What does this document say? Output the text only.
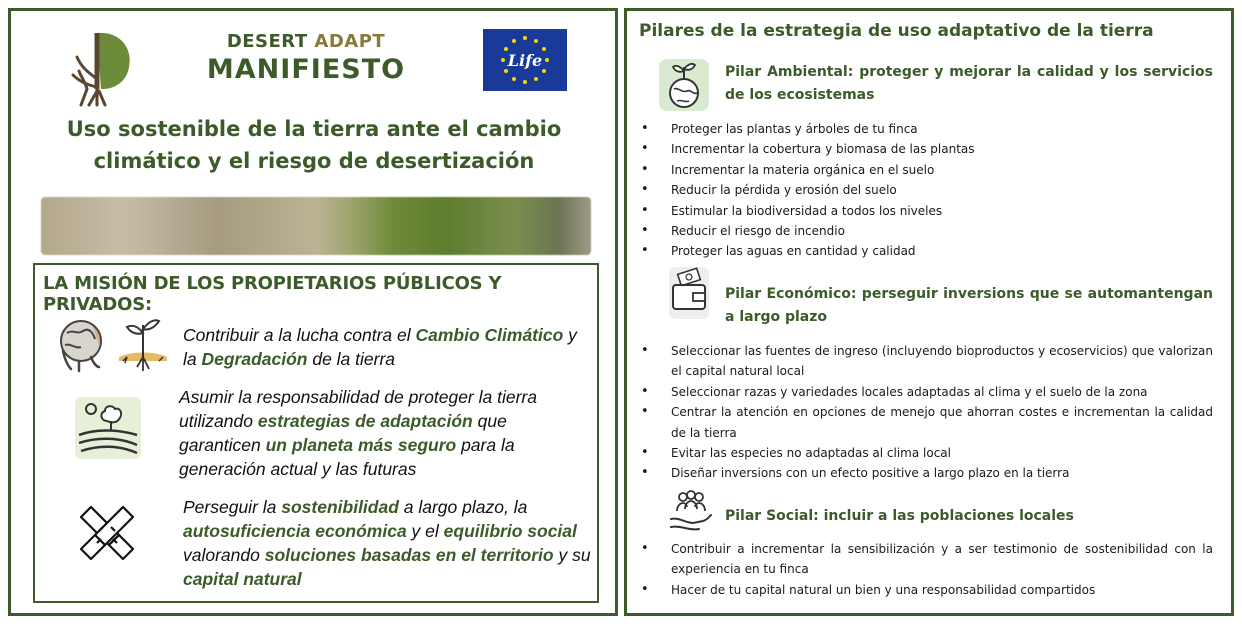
DESERT ADAPT
MANIFIESTO	Life
Uso sostenible de la tierra ante el cambio climático y el riesgo de desertización
LA MISIÓN DE LOS PROPIETARIOS PÚBLICOS Y PRIVADOS:

Contribuir a la lucha contra el Cambio Climático y la Degradación de la tierra

Asumir la responsabilidad de proteger la tierra utilizando estrategias de adaptación que garanticen un planeta más seguro para la generación actual y las futuras

Perseguir la sostenibilidad a largo plazo, la autosuficiencia económica y el equilibrio social valorando soluciones basadas en el territorio y su capital natural

Pilares de la estrategia de uso adaptativo de la tierra
Pilar Ambiental: proteger y mejorar la calidad y los servicios de los ecosistemas
• Proteger las plantas y árboles de tu finca
• Incrementar la cobertura y biomasa de las plantas
• Incrementar la materia orgánica en el suelo
• Reducir la pérdida y erosión del suelo
• Estimular la biodiversidad a todos los niveles
• Reducir el riesgo de incendio
• Proteger las aguas en cantidad y calidad
Pilar Económico: perseguir inversions que se automantengan a largo plazo
• Seleccionar las fuentes de ingreso (incluyendo bioproductos y ecoservicios) que valorizan el capital natural local
• Seleccionar razas y variedades locales adaptadas al clima y el suelo de la zona
• Centrar la atención en opciones de menejo que ahorran costes e incrementan la calidad de la tierra
• Evitar las especies no adaptadas al clima local
• Diseñar inversions con un efecto positive a largo plazo en la tierra
Pilar Social: incluir a las poblaciones locales
• Contribuir a incrementar la sensibilización y a ser testimonio de sostenibilidad con la experiencia en tu finca
• Hacer de tu capital natural un bien y una responsabilidad compartidos
